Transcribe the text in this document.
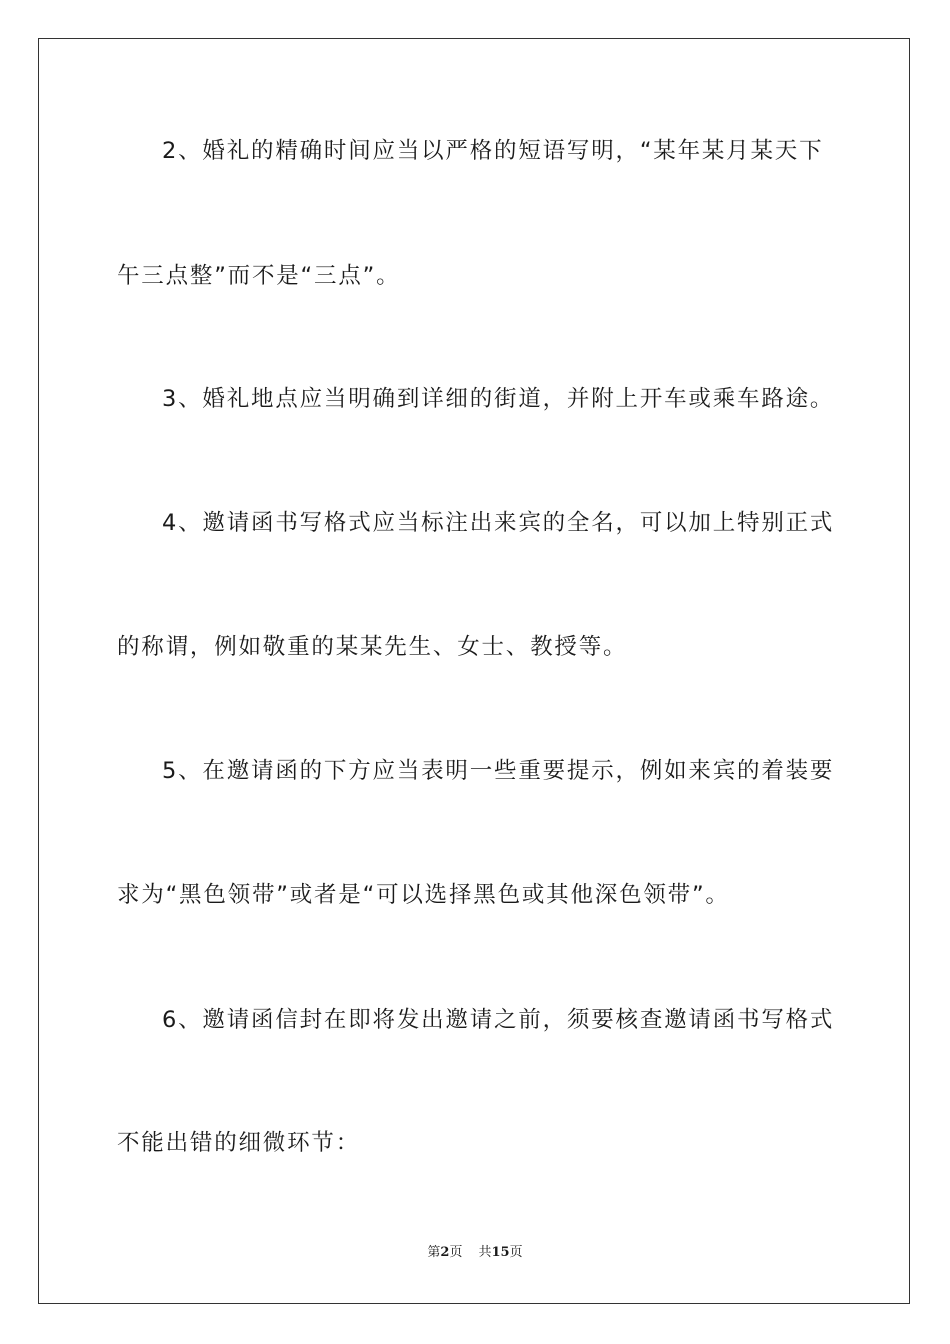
2、婚礼的精确时间应当以严格的短语写明，“某年某月某天下
午三点整”而不是“三点”。
3、婚礼地点应当明确到详细的街道，并附上开车或乘车路途。
4、邀请函书写格式应当标注出来宾的全名，可以加上特别正式
的称谓，例如敬重的某某先生、女士、教授等。
5、在邀请函的下方应当表明一些重要提示，例如来宾的着装要
求为“黑色领带”或者是“可以选择黑色或其他深色领带”。
6、邀请函信封在即将发出邀请之前，须要核查邀请函书写格式
不能出错的细微环节：
第2页 共15页
